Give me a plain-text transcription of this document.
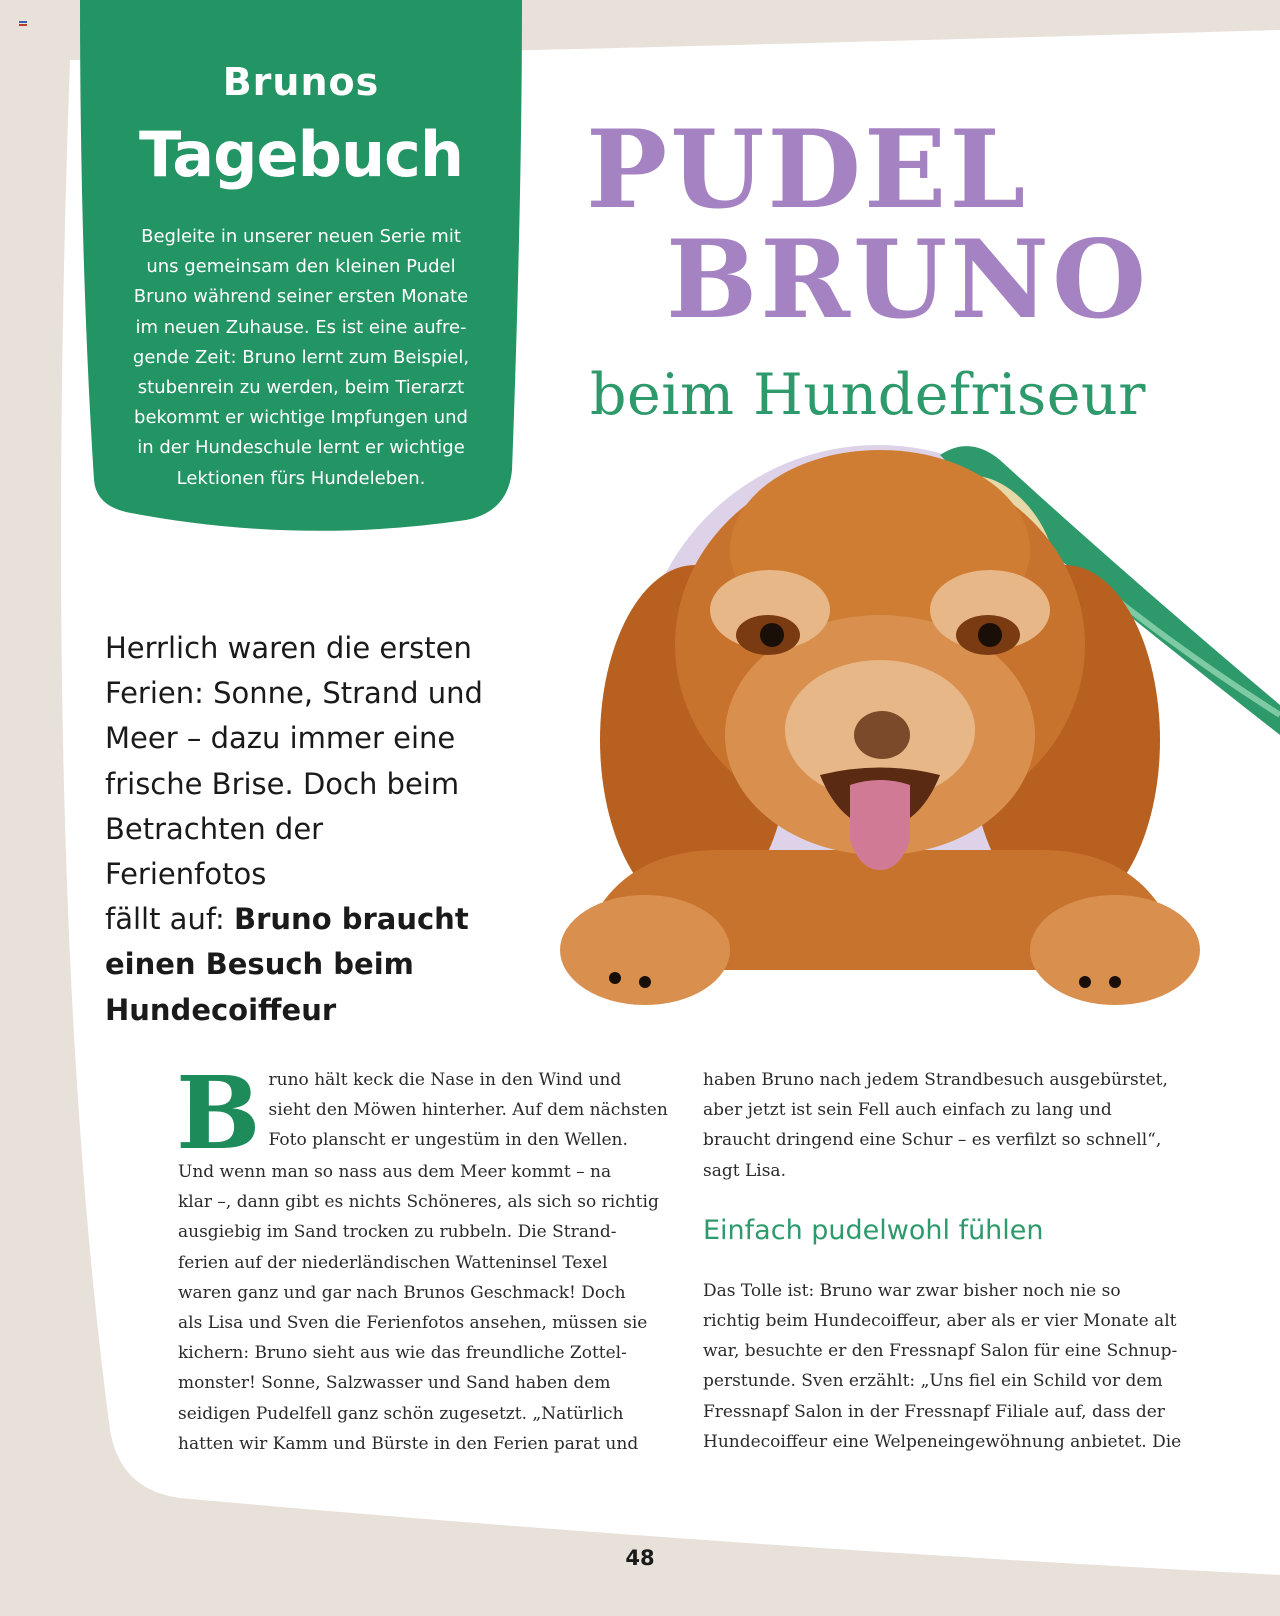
Brunos
Tagebuch
Begleite in unserer neuen Serie mit
uns gemeinsam den kleinen Pudel
Bruno während seiner ersten Monate
im neuen Zuhause. Es ist eine aufre-
gende Zeit: Bruno lernt zum Beispiel,
stubenrein zu werden, beim Tierarzt
bekommt er wichtige Impfungen und
in der Hundeschule lernt er wichtige
Lektionen fürs Hundeleben.
PUDEL
BRUNO
beim Hundefriseur
Herrlich waren die ersten
Ferien: Sonne, Strand und
Meer – dazu immer eine
frische Brise. Doch beim
Betrachten der Ferienfotos
fällt auf: Bruno braucht
einen Besuch beim
Hundecoiffeur
B runo hält keck die Nase in den Wind und
sieht den Möwen hinterher. Auf dem nächsten
Foto planscht er ungestüm in den Wellen.
Und wenn man so nass aus dem Meer kommt – na
klar –, dann gibt es nichts Schöneres, als sich so richtig
ausgiebig im Sand trocken zu rubbeln. Die Strand-
ferien auf der niederländischen Watteninsel Texel
waren ganz und gar nach Brunos Geschmack! Doch
als Lisa und Sven die Ferienfotos ansehen, müssen sie
kichern: Bruno sieht aus wie das freundliche Zottel-
monster! Sonne, Salzwasser und Sand haben dem
seidigen Pudelfell ganz schön zugesetzt. „Natürlich
hatten wir Kamm und Bürste in den Ferien parat und
haben Bruno nach jedem Strandbesuch ausgebürstet,
aber jetzt ist sein Fell auch einfach zu lang und
braucht dringend eine Schur – es verfilzt so schnell“,
sagt Lisa.
Einfach pudelwohl fühlen
Das Tolle ist: Bruno war zwar bisher noch nie so
richtig beim Hundecoiffeur, aber als er vier Monate alt
war, besuchte er den Fressnapf Salon für eine Schnup-
perstunde. Sven erzählt: „Uns fiel ein Schild vor dem
Fressnapf Salon in der Fressnapf Filiale auf, dass der
Hundecoiffeur eine Welpeneingewöhnung anbietet. Die
48
